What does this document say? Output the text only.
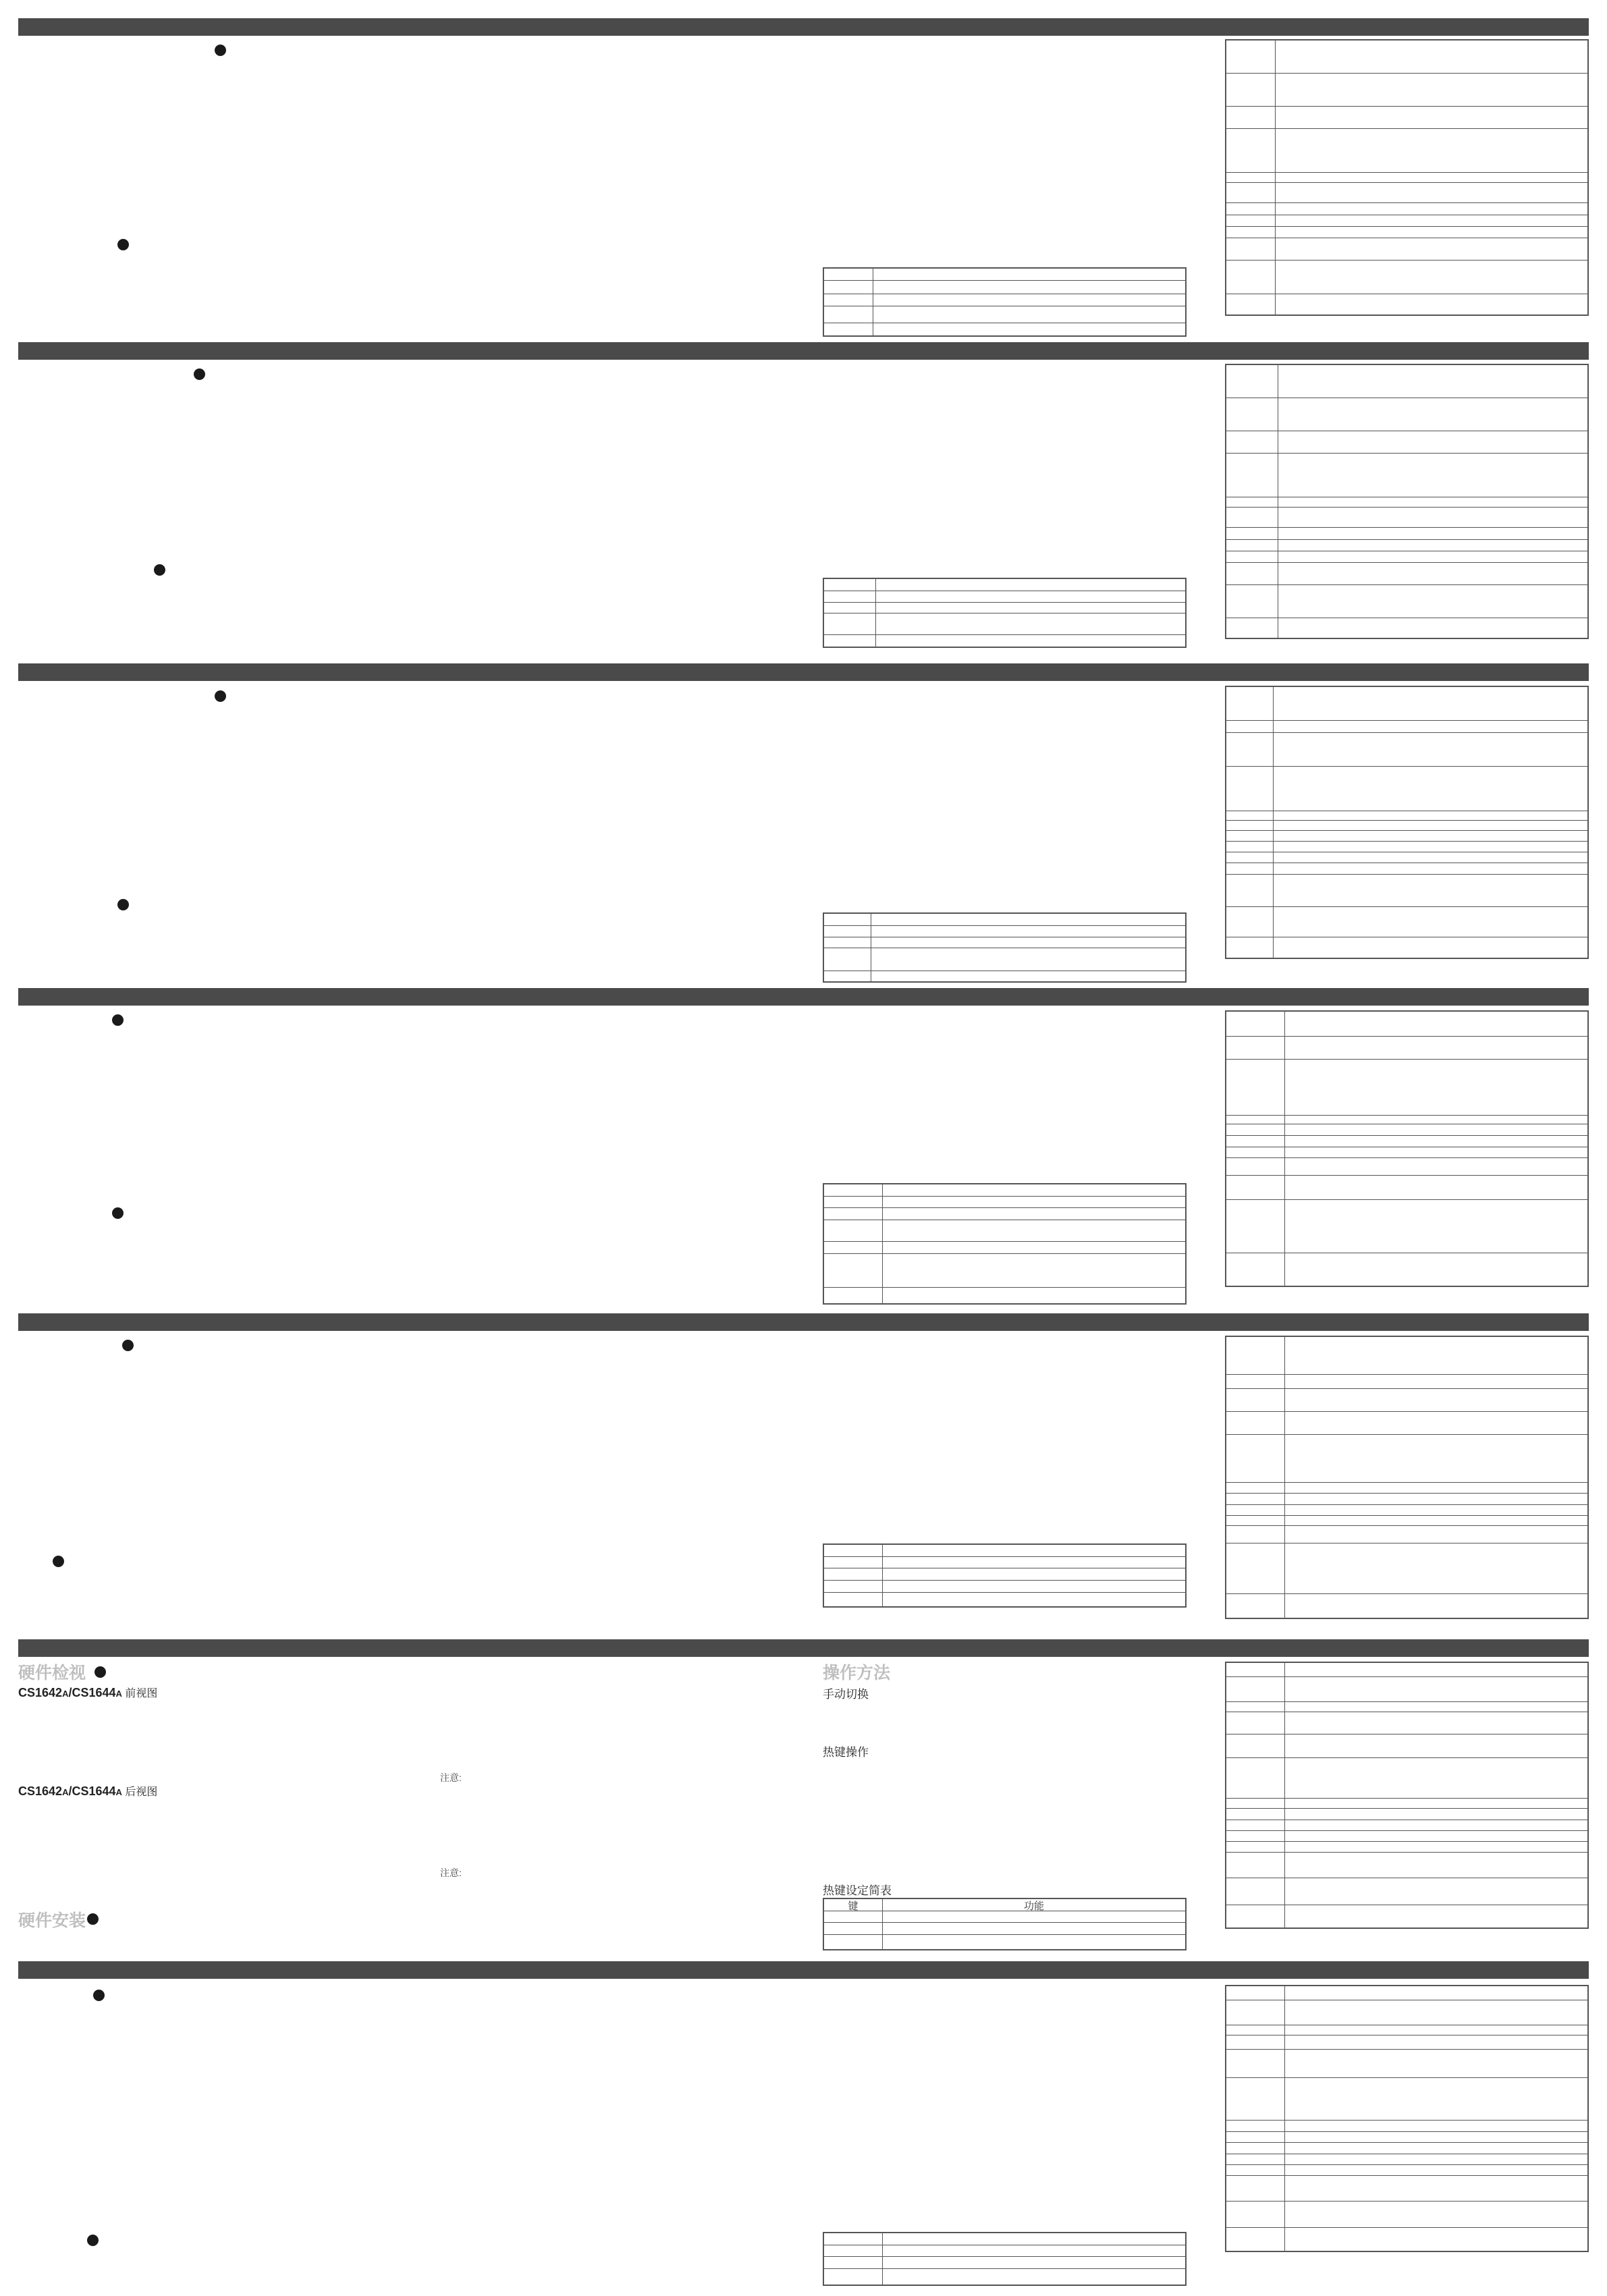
硬件检视
CS1642A/CS1644A 前视图
注意:
CS1642A/CS1644A 后视图
注意:
硬件安装
操作方法
手动切换
热键操作
热键设定简表
键	功能
